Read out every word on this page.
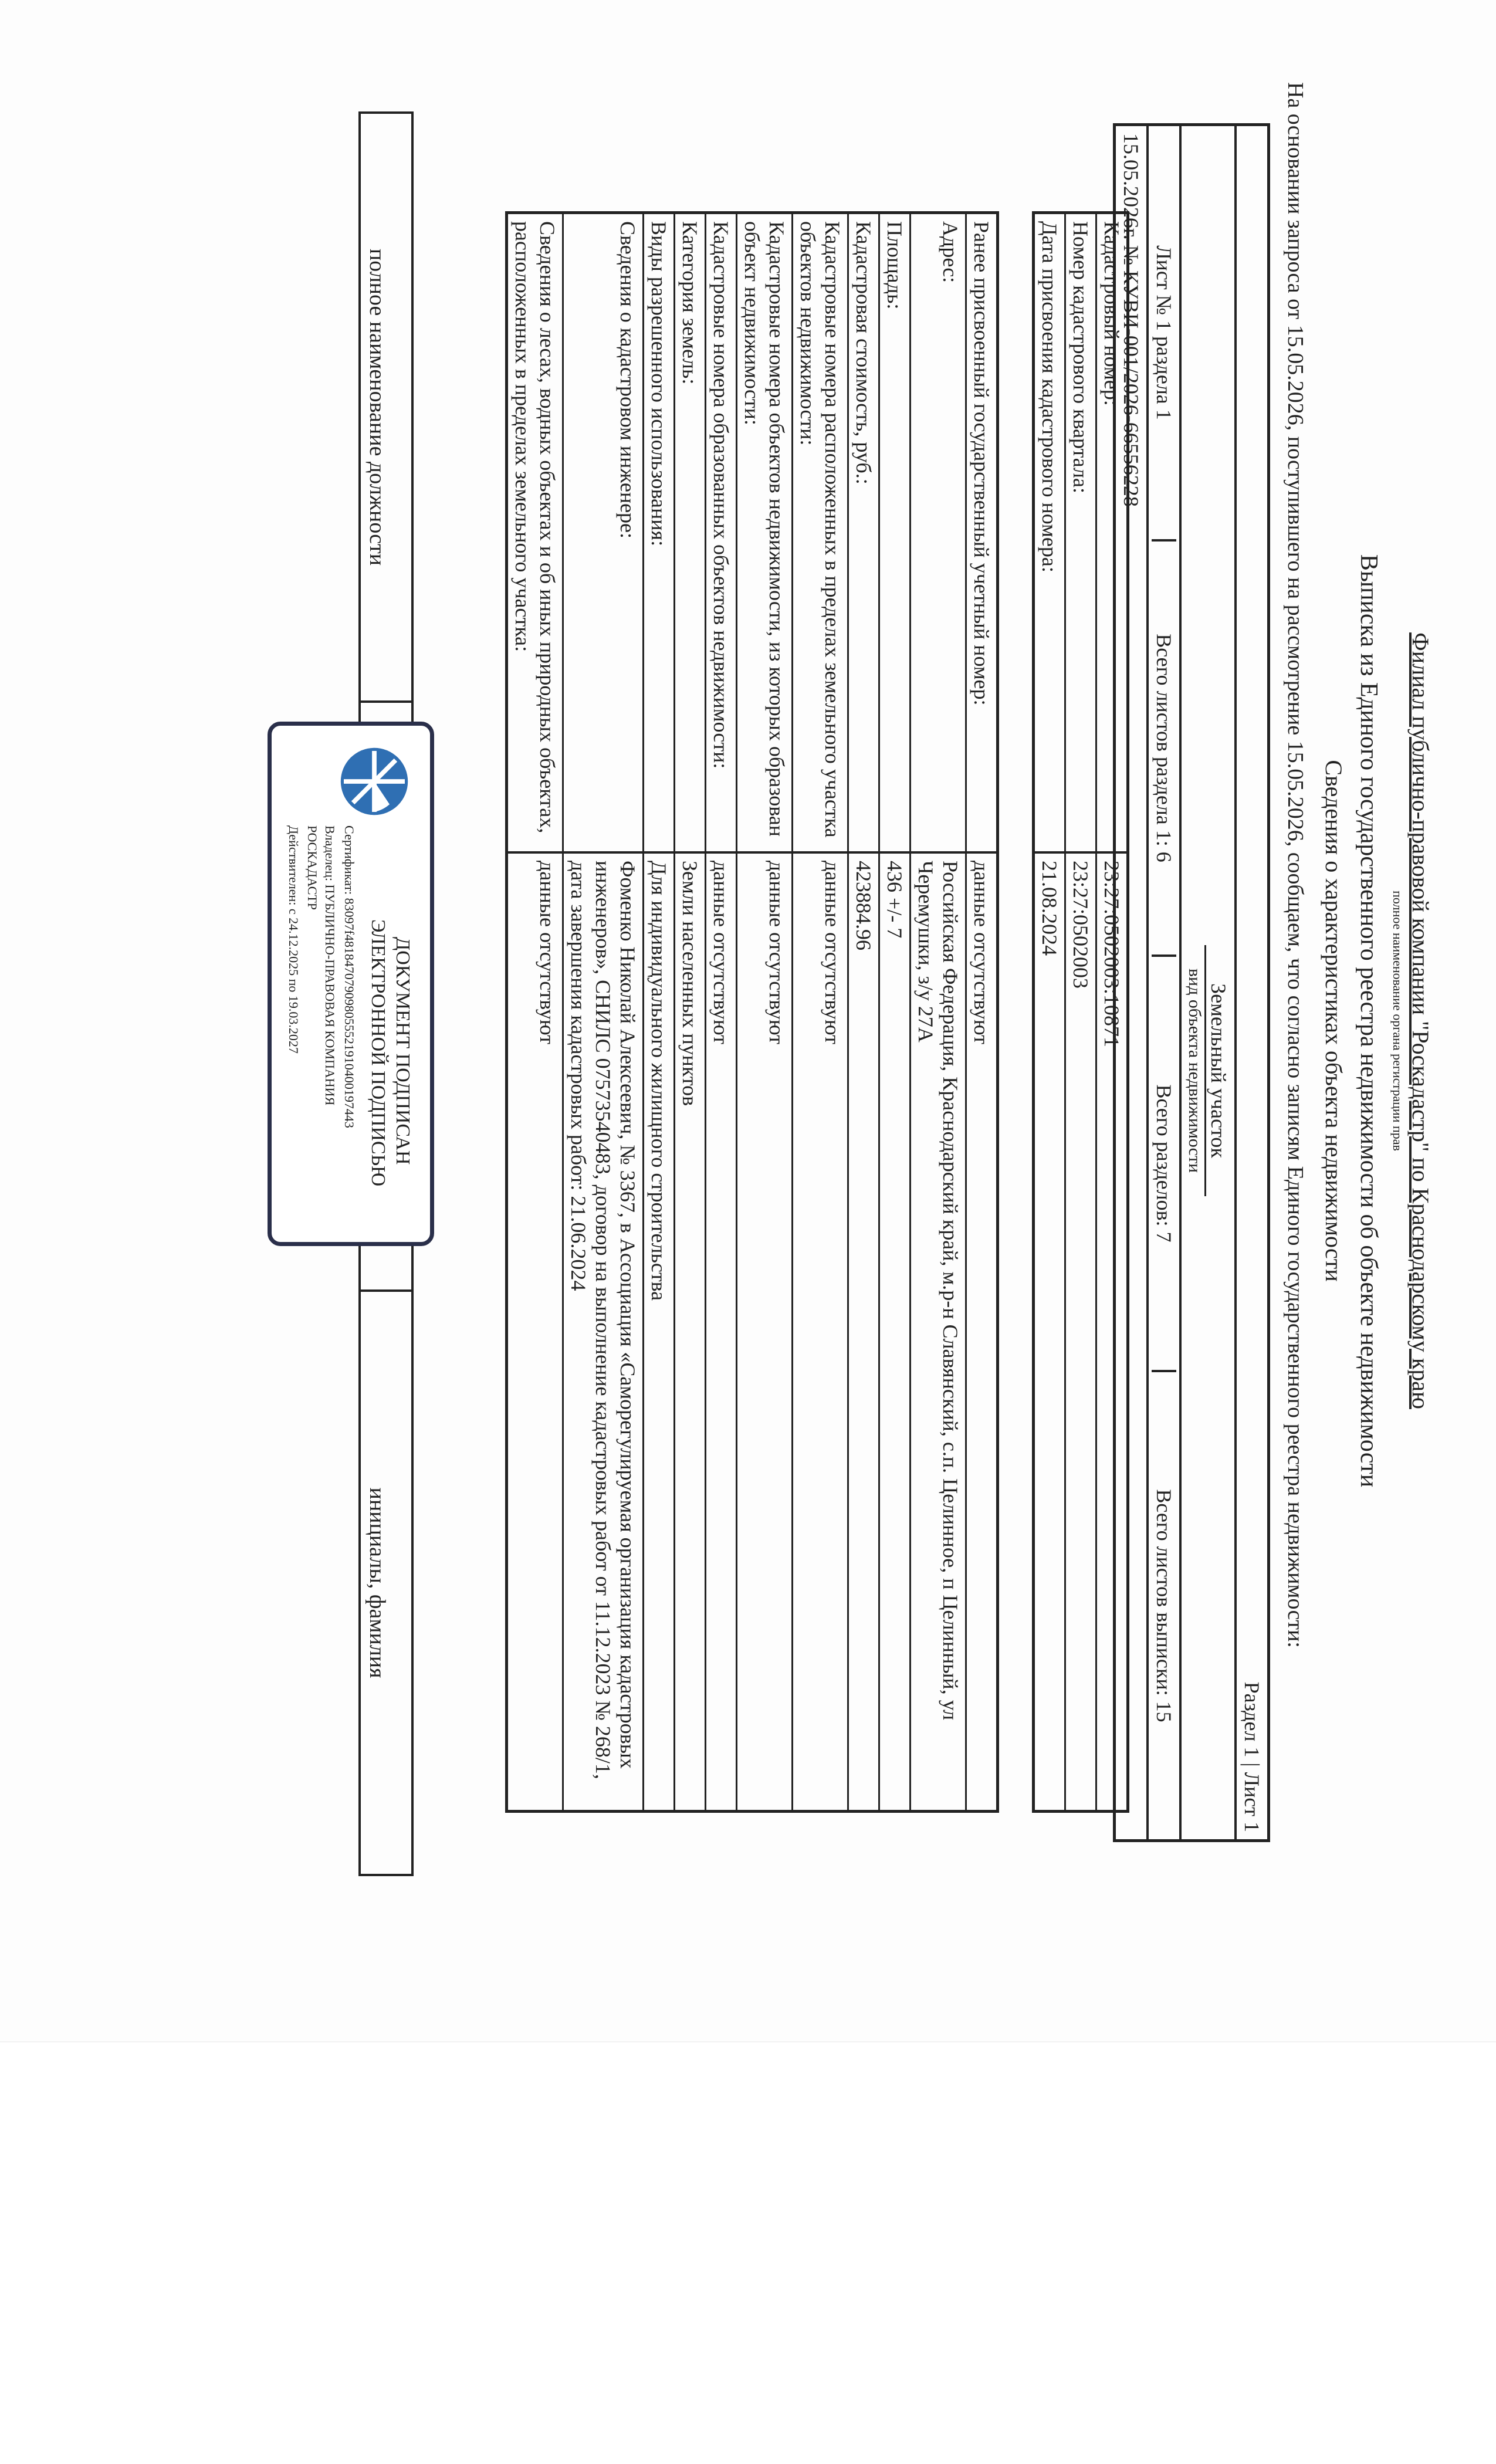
Филиал публично-правовой компании "Роскадастр" по Краснодарскому краю
полное наименование органа регистрации прав
Выписка из Единого государственного реестра недвижимости об объекте недвижимости
Сведения о характеристиках объекта недвижимости
На основании запроса от 15.05.2026, поступившего на рассмотрение 15.05.2026, сообщаем, что согласно записям Единого государственного реестра недвижимости:
Раздел 1 | Лист 1
Земельный участок
вид объекта недвижимости
Лист № 1 раздела 1
Всего листов раздела 1: 6
Всего разделов: 7
Всего листов выписки: 15
15.05.2026г. № КУВИ-001/2026-66556228
Кадастровый номер:
23:27:0502003:10871
Номер кадастрового квартала:
23:27:0502003
Дата присвоения кадастрового номера:
21.08.2024
Ранее присвоенный государственный учетный номер:
данные отсутствуют
Адрес:
Российская Федерация, Краснодарский край, м.р-н Славянский, с.п. Целинное, п Целинный, ул Черемушки, з/у 27А
Площадь:
436 +/- 7
Кадастровая стоимость, руб.:
423884.96
Кадастровые номера расположенных в пределах земельного участка объектов недвижимости:
данные отсутствуют
Кадастровые номера объектов недвижимости, из которых образован объект недвижимости:
данные отсутствуют
Кадастровые номера образованных объектов недвижимости:
данные отсутствуют
Категория земель:
Земли населенных пунктов
Виды разрешенного использования:
Для индивидуального жилищного строительства
Сведения о кадастровом инженере:
Фоменко Николай Алексеевич, № 3367, в Ассоциация «Саморегулируемая организация кадастровых инженеров», СНИЛС 07573540483, договор на выполнение кадастровых работ от 11.12.2023 № 268/1, дата завершения кадастровых работ: 21.06.2024
Сведения о лесах, водных объектах и об иных природных объектах, расположенных в пределах земельного участка:
данные отсутствуют
полное наименование должности
инициалы, фамилия
ДОКУМЕНТ ПОДПИСАН
ЭЛЕКТРОННОЙ ПОДПИСЬЮ
Сертификат: 83097f481847079098055521910400197443
Владелец: ПУБЛИЧНО-ПРАВОВАЯ КОМПАНИЯ
РОСКАДАСТР
Действителен: с 24.12.2025 по 19.03.2027
